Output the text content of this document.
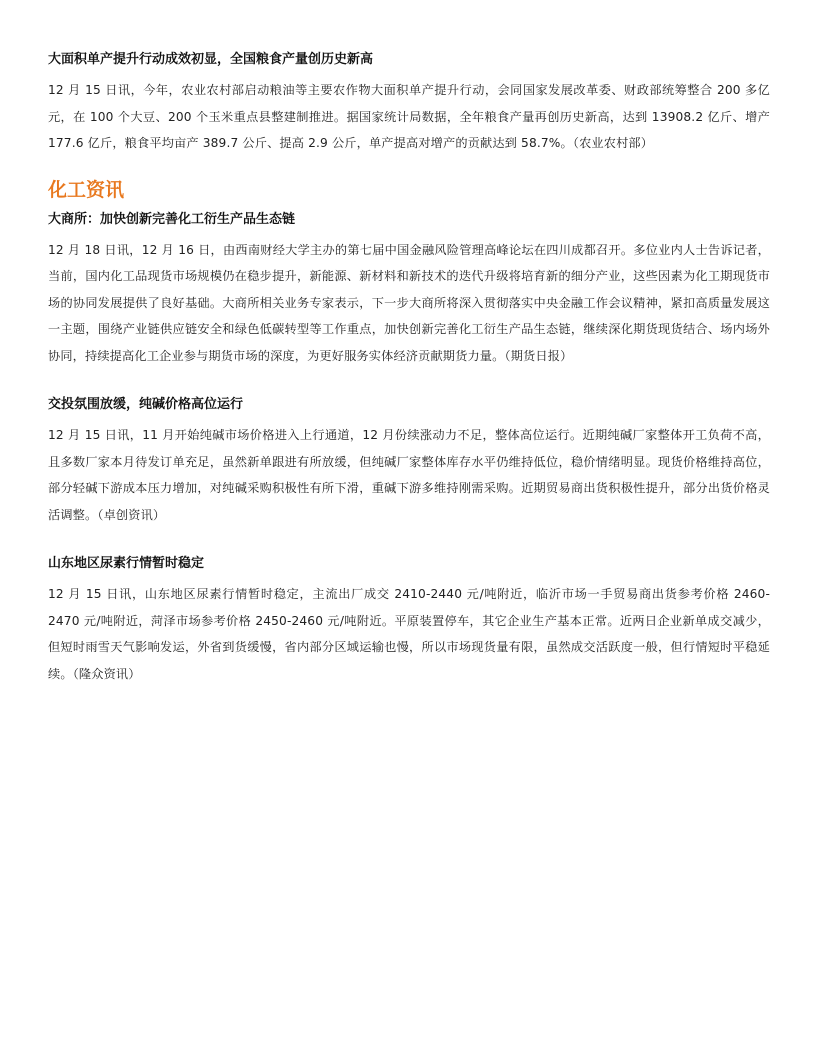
大面积单产提升行动成效初显，全国粮食产量创历史新高

12 月 15 日讯，今年，农业农村部启动粮油等主要农作物大面积单产提升行动，会同国家发展改革委、财政部统筹整合 200 多亿元，在 100 个大豆、200 个玉米重点县整建制推进。据国家统计局数据，全年粮食产量再创历史新高，达到 13908.2 亿斤、增产 177.6 亿斤，粮食平均亩产 389.7 公斤、提高 2.9 公斤，单产提高对增产的贡献达到 58.7%。（农业农村部）

化工资讯
大商所：加快创新完善化工衍生产品生态链

12 月 18 日讯，12 月 16 日，由西南财经大学主办的第七届中国金融风险管理高峰论坛在四川成都召开。多位业内人士告诉记者，当前，国内化工品现货市场规模仍在稳步提升，新能源、新材料和新技术的迭代升级将培育新的细分产业，这些因素为化工期现货市场的协同发展提供了良好基础。大商所相关业务专家表示，下一步大商所将深入贯彻落实中央金融工作会议精神，紧扣高质量发展这一主题，围绕产业链供应链安全和绿色低碳转型等工作重点，加快创新完善化工衍生产品生态链，继续深化期货现货结合、场内场外协同，持续提高化工企业参与期货市场的深度，为更好服务实体经济贡献期货力量。（期货日报）

交投氛围放缓，纯碱价格高位运行

12 月 15 日讯，11 月开始纯碱市场价格进入上行通道，12 月份续涨动力不足，整体高位运行。近期纯碱厂家整体开工负荷不高，且多数厂家本月待发订单充足，虽然新单跟进有所放缓，但纯碱厂家整体库存水平仍维持低位，稳价情绪明显。现货价格维持高位，部分轻碱下游成本压力增加，对纯碱采购积极性有所下滑，重碱下游多维持刚需采购。近期贸易商出货积极性提升，部分出货价格灵活调整。（卓创资讯）

山东地区尿素行情暂时稳定

12 月 15 日讯，山东地区尿素行情暂时稳定，主流出厂成交 2410-2440 元/吨附近，临沂市场一手贸易商出货参考价格 2460-2470 元/吨附近，菏泽市场参考价格 2450-2460 元/吨附近。平原装置停车，其它企业生产基本正常。近两日企业新单成交减少，但短时雨雪天气影响发运，外省到货缓慢，省内部分区域运输也慢，所以市场现货量有限，虽然成交活跃度一般，但行情短时平稳延续。（隆众资讯）
